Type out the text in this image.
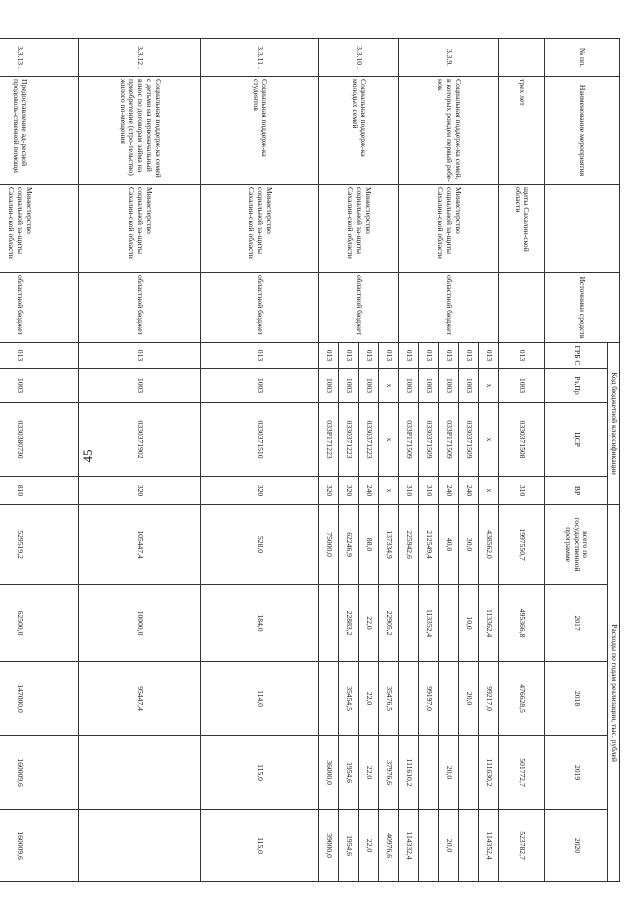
45
№ пп.	Наименование мероприятия		Источники средств	Код бюджетной классификации				Расходы по годам реализации, тыс. рублей				
				ГРБ С	Рз,Пр	ЦСР	ВР	всего по государственной программе	2017	2018	2019	2020
	трех лет	щиты Сахалин-ской области		013	1003	0330371508	310	1997550,7	495366,8	476628,5	501772,7	523782,7
3.3.9.	Социальная поддерж-ка семей, в которых рожден первый ребе-нок	Министерство социальной за-щиты Сахалин-ской области	областной бюджет	013	x	x	x	438562,0	113362,4	99217,0	111630,2	114352,4
				013	1003	0330371509	240	30,0	10,0	20,0		
				013	1003	033P171509	240	40,0			20,0	20,0
				013	1003	0330371509	310	212549,4	113352,4	99197,0		
				013	1003	033P171509	310	225942,6			111610,2	114332,4
3.3.10 .	Социальная поддерж-ка молодых семей	Министерство социальной за-щиты Сахалин-ской области	областной бюджет	013	x	x	x	137334,9	22905,2	35476,5	37976,6	40976,6
				013	1003	0330371223	240	88,0	22,0	22,0	22,0	22,0
				013	1003	0330371223	320	62246,9	22883,2	35454,5	1954,6	1954,6
				013	1003	033P171223	320	75000,0			36000,0	39000,0
3.3.11 .	Социальная поддерж-ка студентов	Министерство социальной за-щиты Сахалин-ской области	областной бюджет	013	1003	0330371510	320	528,0	184,0	114,0	115,0	115,0
3.3.12 .	Социальная поддерж-ка семей с детьми на первоначальный взнос по договорам займа на приобретение (стро-тельство) жилого по-мещения	Министерство социальной за-щиты Сахалин-ской области	областной бюджет	013	1003	0330371902	320	105447,4	10000,0	95447,4		
3.3.13 .	Предоставление ад-ресной продоволь-ственной помощи	Министерство социальной за-щиты Сахалин-ской области	областной бюджет	013	1003	0330380730	810	529519,2	62500,0	147000,0	160009,6	160009,6
